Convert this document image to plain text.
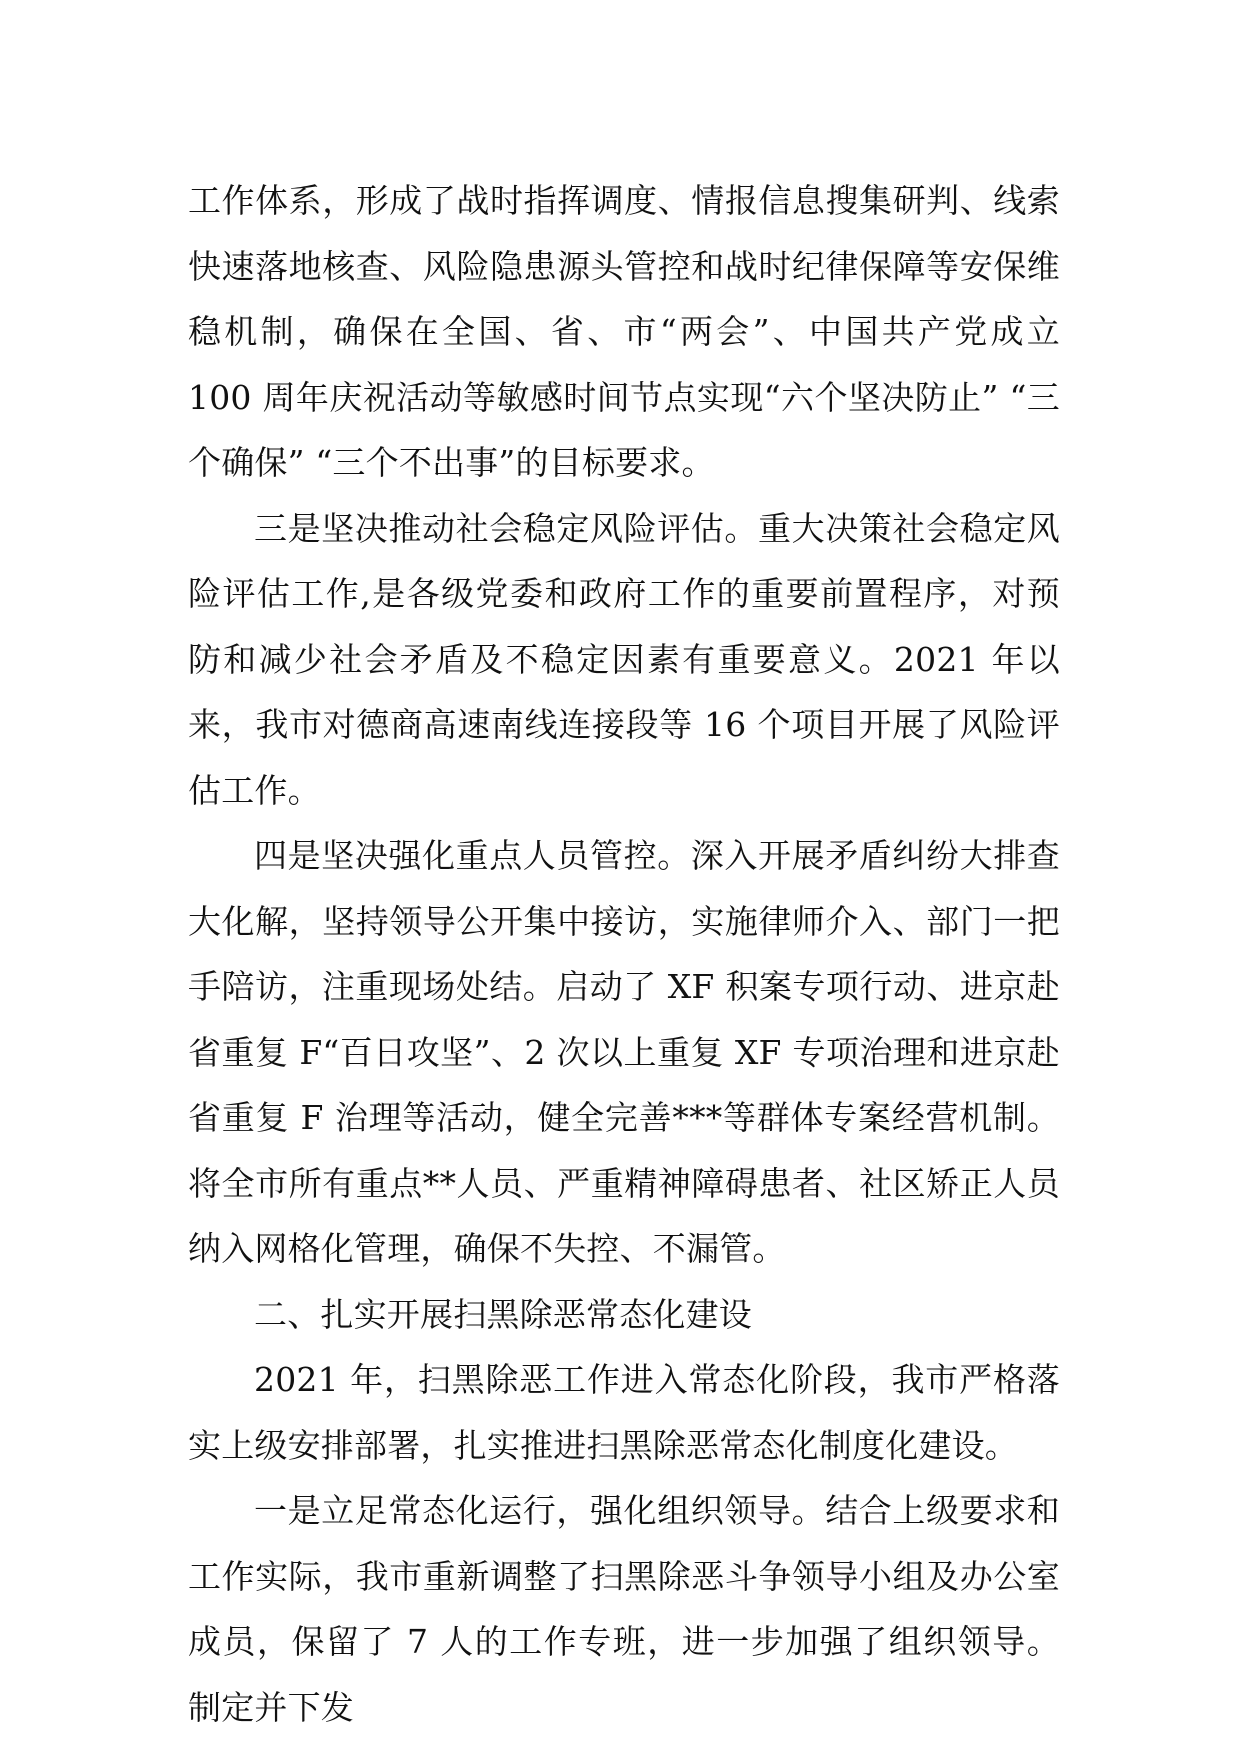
工作体系，形成了战时指挥调度、情报信息搜集研判、线索快速落地核查、风险隐患源头管控和战时纪律保障等安保维稳机制，确保在全国、省、市“两会”、中国共产党成立 100 周年庆祝活动等敏感时间节点实现“六个坚决防止” “三个确保” “三个不出事”的目标要求。

三是坚决推动社会稳定风险评估。重大决策社会稳定风险评估工作,是各级党委和政府工作的重要前置程序，对预防和减少社会矛盾及不稳定因素有重要意义。2021 年以来，我市对德商高速南线连接段等 16 个项目开展了风险评估工作。

四是坚决强化重点人员管控。深入开展矛盾纠纷大排查大化解，坚持领导公开集中接访，实施律师介入、部门一把手陪访，注重现场处结。启动了 XF 积案专项行动、进京赴省重复 F“百日攻坚”、2 次以上重复 XF 专项治理和进京赴省重复 F 治理等活动，健全完善***等群体专案经营机制。将全市所有重点**人员、严重精神障碍患者、社区矫正人员纳入网格化管理，确保不失控、不漏管。

二、扎实开展扫黑除恶常态化建设

2021 年，扫黑除恶工作进入常态化阶段，我市严格落实上级安排部署，扎实推进扫黑除恶常态化制度化建设。

一是立足常态化运行，强化组织领导。结合上级要求和工作实际，我市重新调整了扫黑除恶斗争领导小组及办公室成员，保留了 7 人的工作专班，进一步加强了组织领导。制定并下发
